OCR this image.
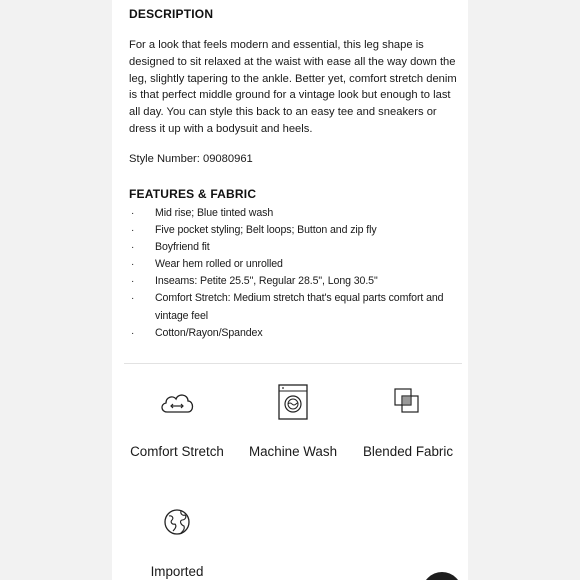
DESCRIPTION

For a look that feels modern and essential, this leg shape is designed to sit relaxed at the waist with ease all the way down the leg, slightly tapering to the ankle. Better yet, comfort stretch denim is that perfect middle ground for a vintage look but enough to last all day. You can style this back to an easy tee and sneakers or dress it up with a bodysuit and heels.

Style Number: 09080961

FEATURES & FABRIC
· Mid rise; Blue tinted wash
· Five pocket styling; Belt loops; Button and zip fly
· Boyfriend fit
· Wear hem rolled or unrolled
· Inseams: Petite 25.5", Regular 28.5", Long 30.5"
· Comfort Stretch: Medium stretch that's equal parts comfort and vintage feel
· Cotton/Rayon/Spandex
Comfort Stretch	Machine Wash	Blended Fabric
Imported
